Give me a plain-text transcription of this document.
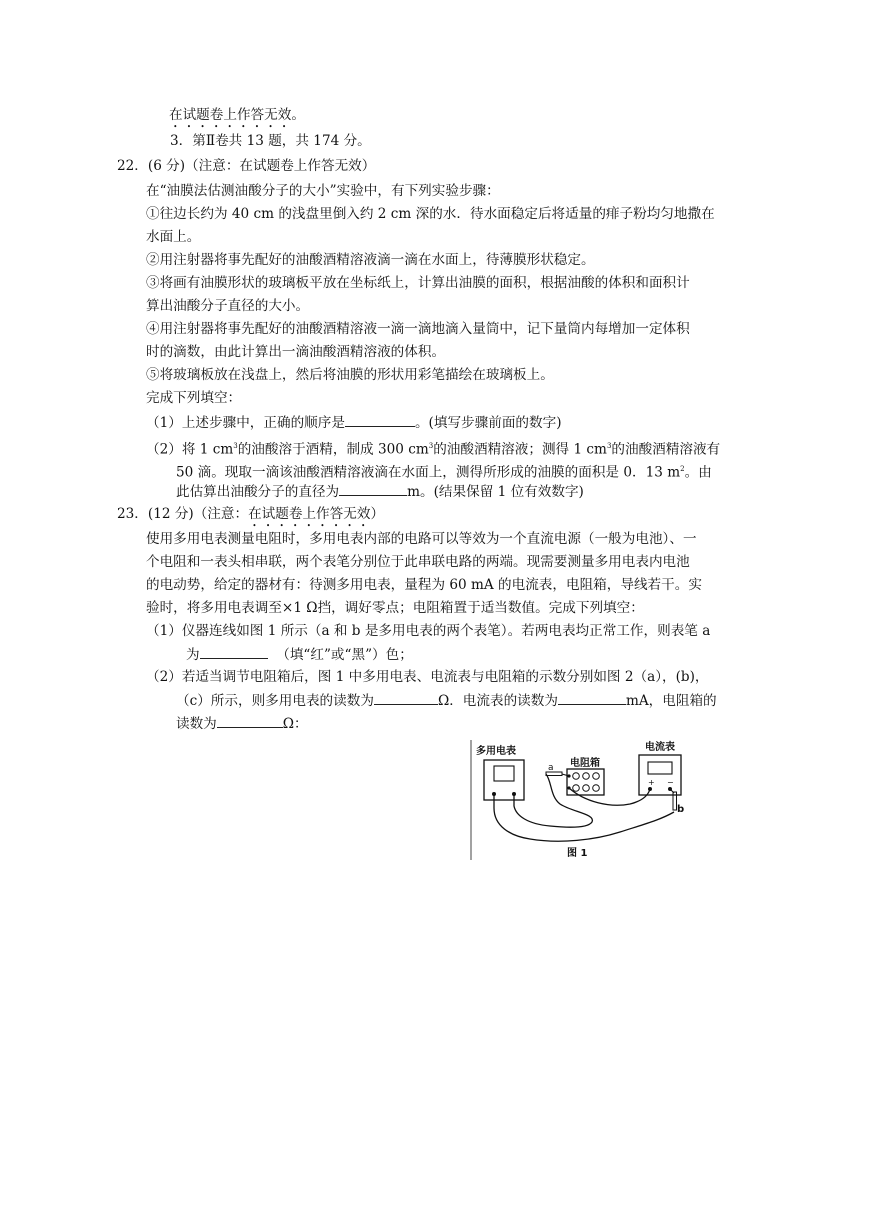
在试题卷上作答无效。
3．第Ⅱ卷共 13 题，共 174 分。
22．(6 分)（注意：在试题卷上作答无效）
在“油膜法估测油酸分子的大小”实验中，有下列实验步骤：
①往边长约为 40 cm 的浅盘里倒入约 2 cm 深的水．待水面稳定后将适量的痱子粉均匀地撒在
水面上。
②用注射器将事先配好的油酸酒精溶液滴一滴在水面上，待薄膜形状稳定。
③将画有油膜形状的玻璃板平放在坐标纸上，计算出油膜的面积，根据油酸的体积和面积计
算出油酸分子直径的大小。
④用注射器将事先配好的油酸酒精溶液一滴一滴地滴入量筒中，记下量筒内每增加一定体积
时的滴数，由此计算出一滴油酸酒精溶液的体积。
⑤将玻璃板放在浅盘上，然后将油膜的形状用彩笔描绘在玻璃板上。
完成下列填空：
（1）上述步骤中，正确的顺序是	。(填写步骤前面的数字)
（2）将 1 $cm^3$的油酸溶于酒精，制成 300 $cm^3$的油酸酒精溶液；测得 1 $cm^3$的油酸酒精溶液有
50 滴。现取一滴该油酸酒精溶液滴在水面上，测得所形成的油膜的面积是 0．13 $m^2$。由
此估算出油酸分子的直径为	m。(结果保留 1 位有效数字)
23．(12 分)（注意：在试题卷上作答无效）
使用多用电表测量电阻时，多用电表内部的电路可以等效为一个直流电源（一般为电池）、一
个电阻和一表头相串联，两个表笔分别位于此串联电路的两端。现需要测量多用电表内电池
的电动势，给定的器材有：待测多用电表，量程为 60 mA 的电流表，电阻箱，导线若干。实
验时，将多用电表调至×1 Ω挡，调好零点；电阻箱置于适当数值。完成下列填空：
（1）仪器连线如图 1 所示（a 和 b 是多用电表的两个表笔）。若两电表均正常工作，则表笔 a
为	（填“红”或“黑”）色；
（2）若适当调节电阻箱后，图 1 中多用电表、电流表与电阻箱的示数分别如图 2（a），(b)，
（c）所示，则多用电表的读数为	Ω．电流表的读数为	mA，电阻箱的
读数为	Ω：
多用电表
电阻箱
电流表
+ −
a
b
图 1
